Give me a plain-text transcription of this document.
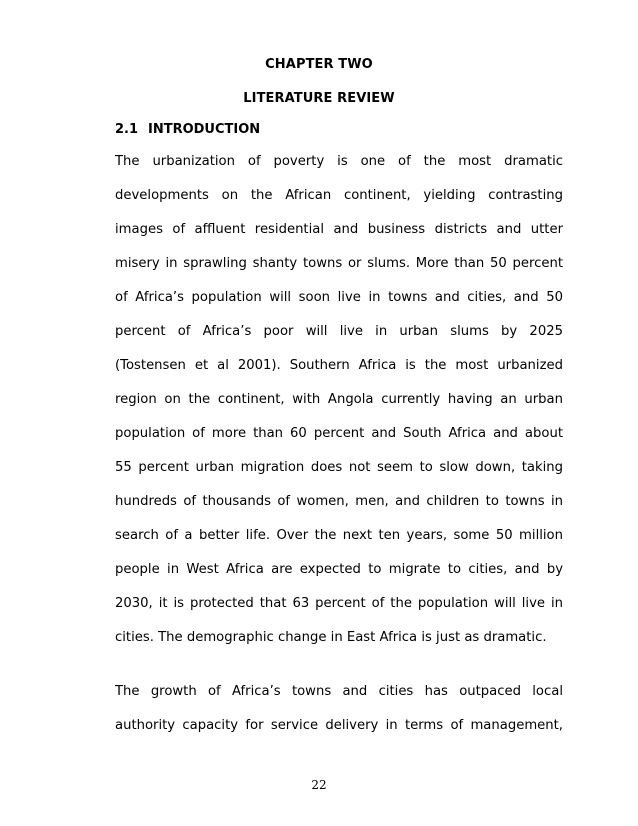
CHAPTER TWO
LITERATURE REVIEW
2.1 INTRODUCTION
The urbanization of poverty is one of the most dramatic
developments on the African continent, yielding contrasting
images of affluent residential and business districts and utter
misery in sprawling shanty towns or slums. More than 50 percent
of Africa’s population will soon live in towns and cities, and 50
percent of Africa’s poor will live in urban slums by 2025
(Tostensen et al 2001). Southern Africa is the most urbanized
region on the continent, with Angola currently having an urban
population of more than 60 percent and South Africa and about
55 percent urban migration does not seem to slow down, taking
hundreds of thousands of women, men, and children to towns in
search of a better life. Over the next ten years, some 50 million
people in West Africa are expected to migrate to cities, and by
2030, it is protected that 63 percent of the population will live in
cities. The demographic change in East Africa is just as dramatic.
The growth of Africa’s towns and cities has outpaced local
authority capacity for service delivery in terms of management,
22
